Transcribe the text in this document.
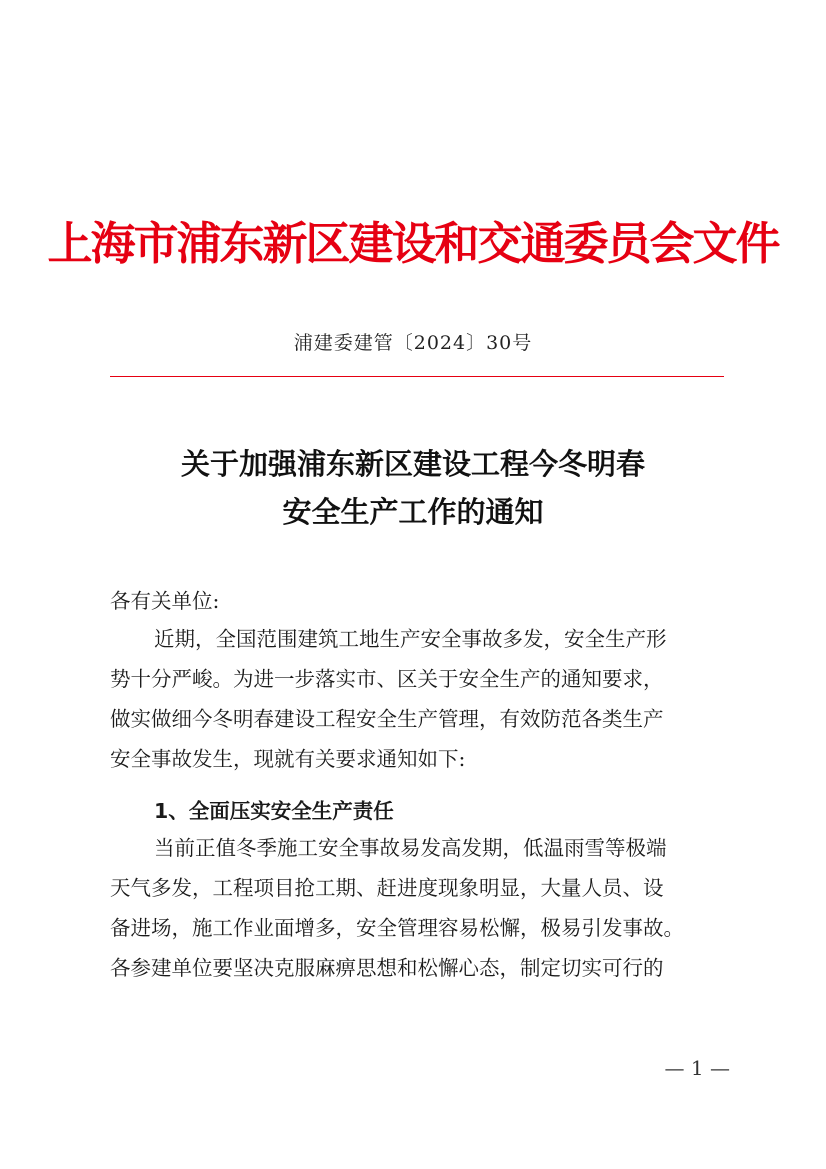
上海市浦东新区建设和交通委员会文件
浦建委建管〔2024〕30号
关于加强浦东新区建设工程今冬明春
安全生产工作的通知
各有关单位:
近期，全国范围建筑工地生产安全事故多发，安全生产形
势十分严峻。为进一步落实市、区关于安全生产的通知要求，
做实做细今冬明春建设工程安全生产管理，有效防范各类生产
安全事故发生，现就有关要求通知如下:
1、全面压实安全生产责任
当前正值冬季施工安全事故易发高发期，低温雨雪等极端
天气多发，工程项目抢工期、赶进度现象明显，大量人员、设
备进场，施工作业面增多，安全管理容易松懈，极易引发事故。
各参建单位要坚决克服麻痹思想和松懈心态，制定切实可行的
— 1 —
